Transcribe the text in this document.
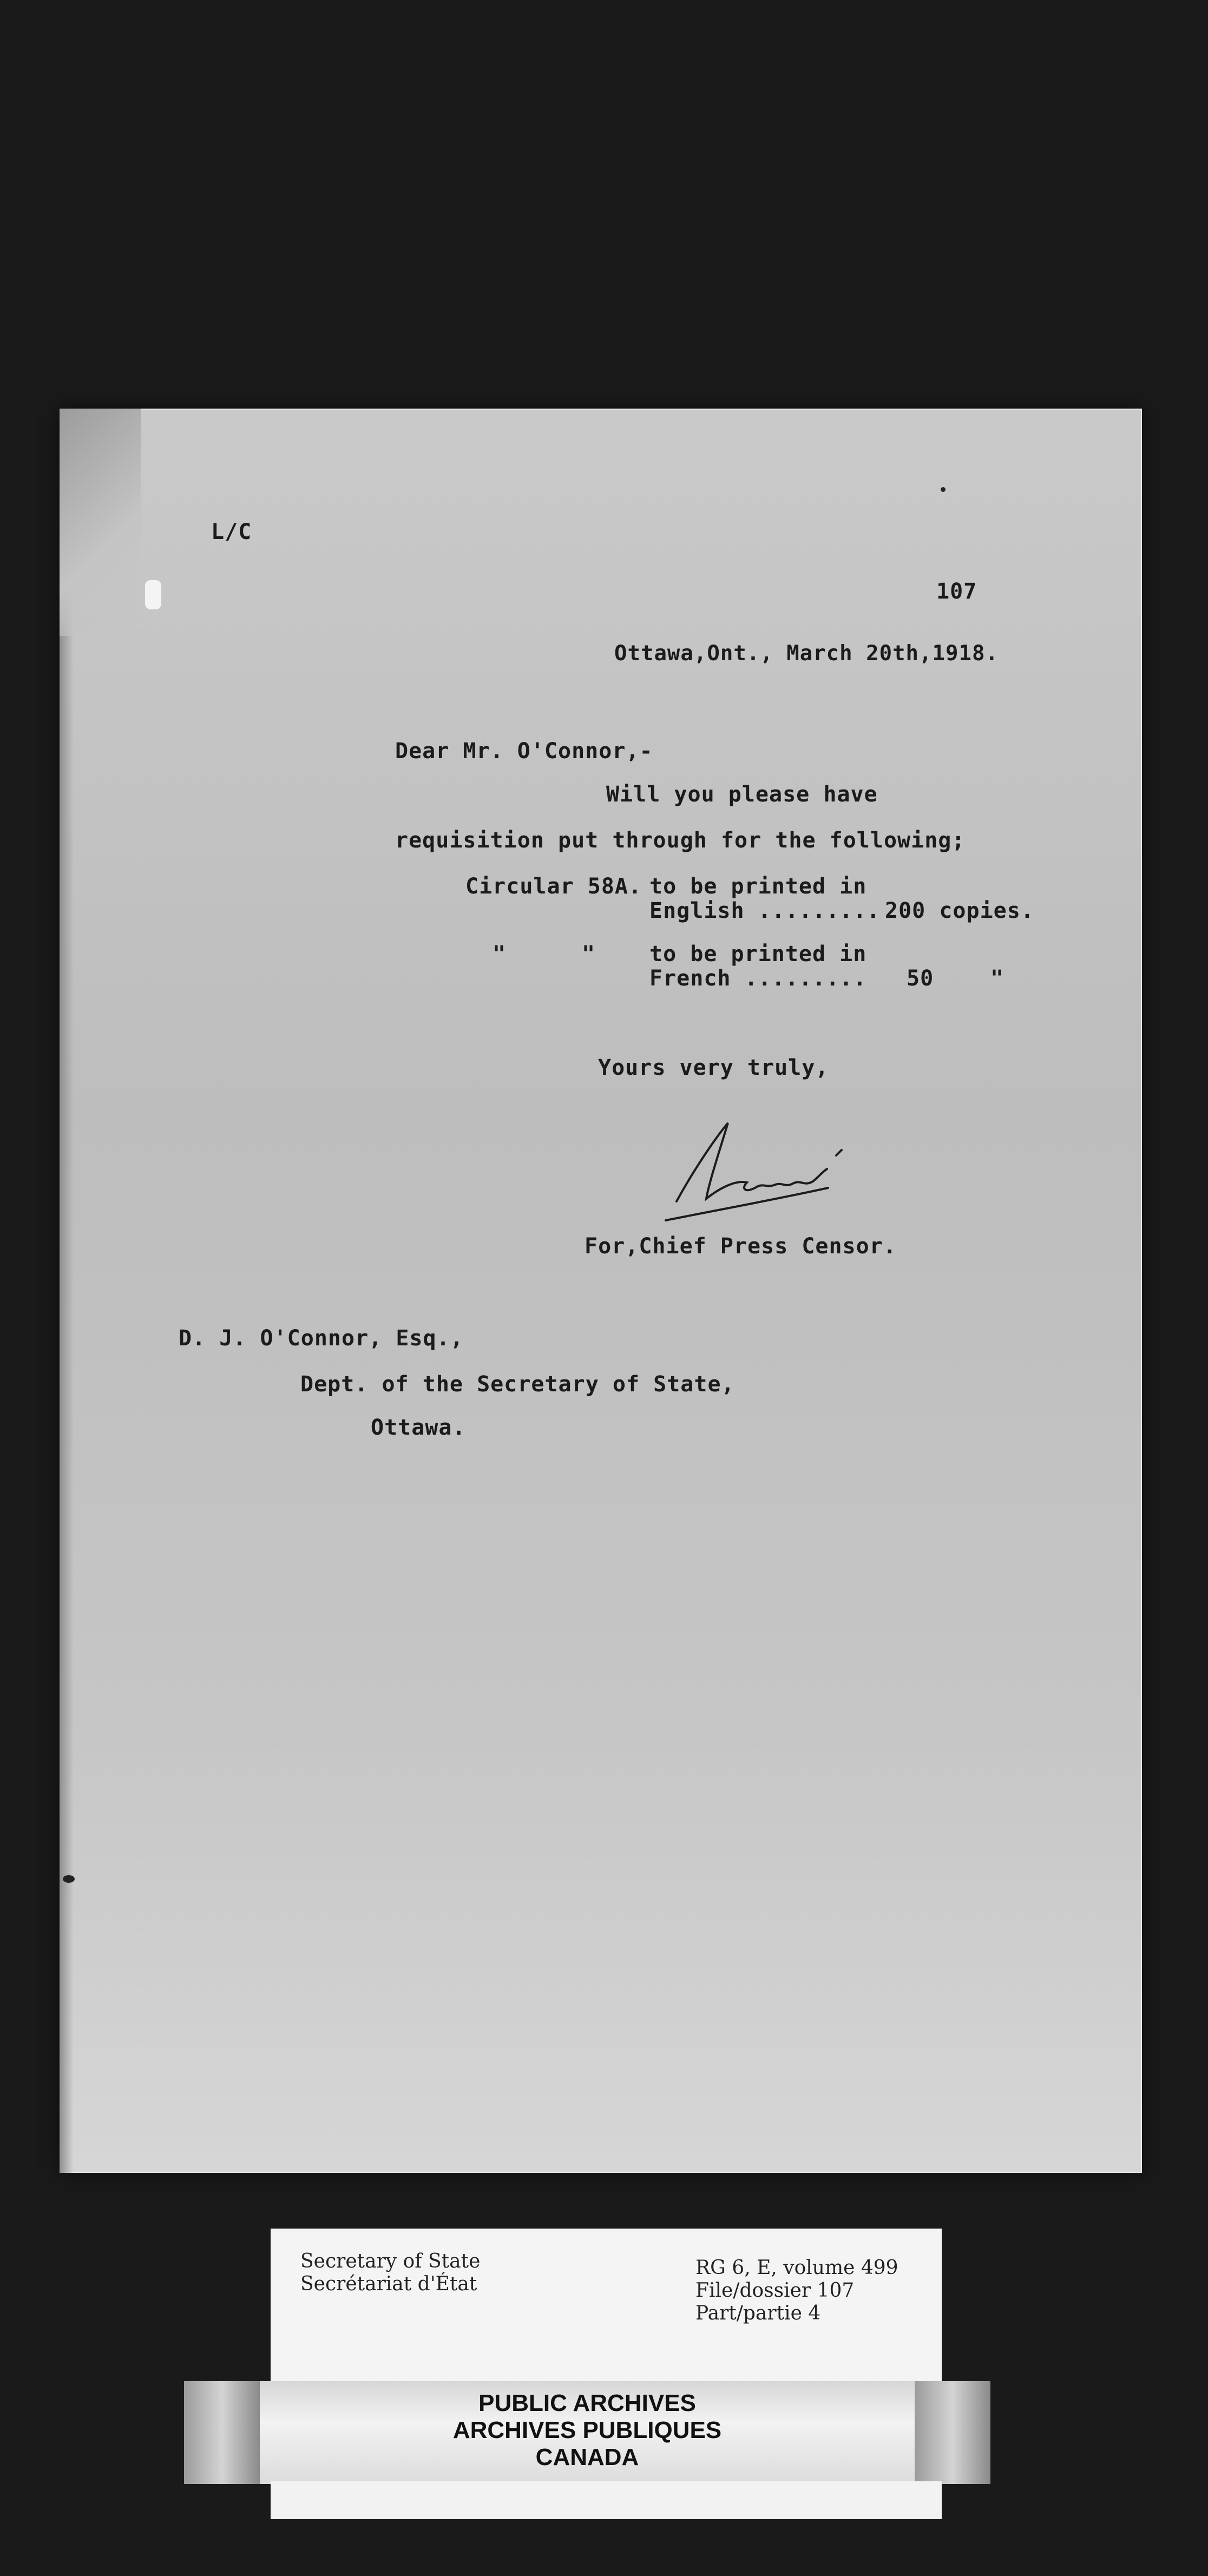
L/C
107
Ottawa,Ont., March 20th,1918.
Dear Mr. O'Connor,-
Will you please have
requisition put through for the following;
Circular 58A. to be printed in
English ......... 200 copies.
"	" to be printed in
French ......... 50	"
Yours very truly,
For,Chief Press Censor.
D. J. O'Connor, Esq.,
Dept. of the Secretary of State,
Ottawa.
Secretary of State
Secrétariat d'État
RG 6, E, volume 499
File/dossier 107
Part/partie 4
PUBLIC ARCHIVES
ARCHIVES PUBLIQUES
CANADA
